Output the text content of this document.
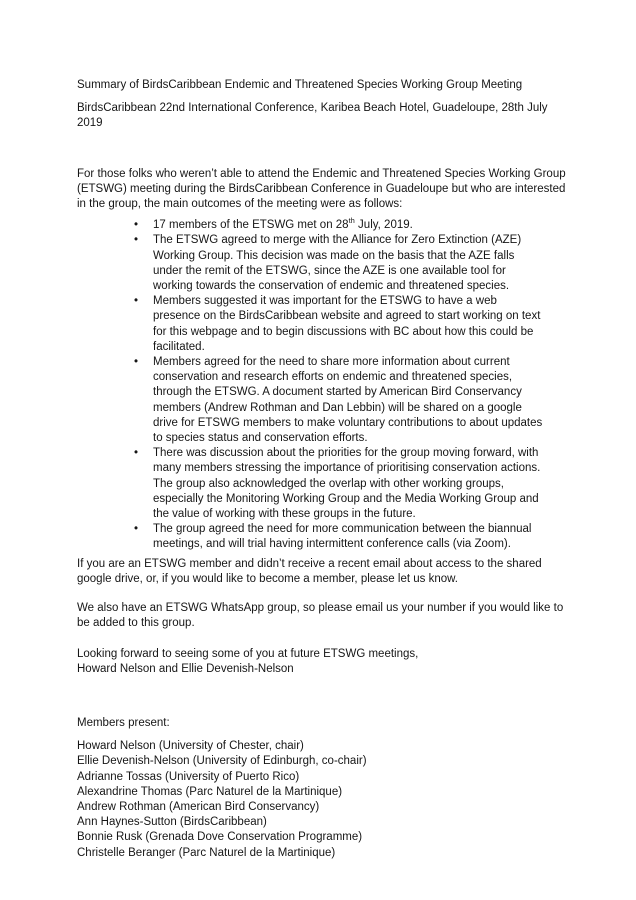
Summary of BirdsCaribbean Endemic and Threatened Species Working Group Meeting

BirdsCaribbean 22nd International Conference, Karibea Beach Hotel, Guadeloupe, 28th July 2019

For those folks who weren’t able to attend the Endemic and Threatened Species Working Group (ETSWG) meeting during the BirdsCaribbean Conference in Guadeloupe but who are interested in the group, the main outcomes of the meeting were as follows:

• 17 members of the ETSWG met on 28th July, 2019.
• The ETSWG agreed to merge with the Alliance for Zero Extinction (AZE) Working Group. This decision was made on the basis that the AZE falls under the remit of the ETSWG, since the AZE is one available tool for working towards the conservation of endemic and threatened species.
• Members suggested it was important for the ETSWG to have a web presence on the BirdsCaribbean website and agreed to start working on text for this webpage and to begin discussions with BC about how this could be facilitated.
• Members agreed for the need to share more information about current conservation and research efforts on endemic and threatened species, through the ETSWG. A document started by American Bird Conservancy members (Andrew Rothman and Dan Lebbin) will be shared on a google drive for ETSWG members to make voluntary contributions to about updates to species status and conservation efforts.
• There was discussion about the priorities for the group moving forward, with many members stressing the importance of prioritising conservation actions. The group also acknowledged the overlap with other working groups, especially the Monitoring Working Group and the Media Working Group and the value of working with these groups in the future.
• The group agreed the need for more communication between the biannual meetings, and will trial having intermittent conference calls (via Zoom).

If you are an ETSWG member and didn’t receive a recent email about access to the shared google drive, or, if you would like to become a member, please let us know.

We also have an ETSWG WhatsApp group, so please email us your number if you would like to be added to this group.

Looking forward to seeing some of you at future ETSWG meetings,
Howard Nelson and Ellie Devenish-Nelson

Members present:

Howard Nelson (University of Chester, chair)
Ellie Devenish-Nelson (University of Edinburgh, co-chair)
Adrianne Tossas (University of Puerto Rico)
Alexandrine Thomas (Parc Naturel de la Martinique)
Andrew Rothman (American Bird Conservancy)
Ann Haynes-Sutton (BirdsCaribbean)
Bonnie Rusk (Grenada Dove Conservation Programme)
Christelle Beranger (Parc Naturel de la Martinique)
